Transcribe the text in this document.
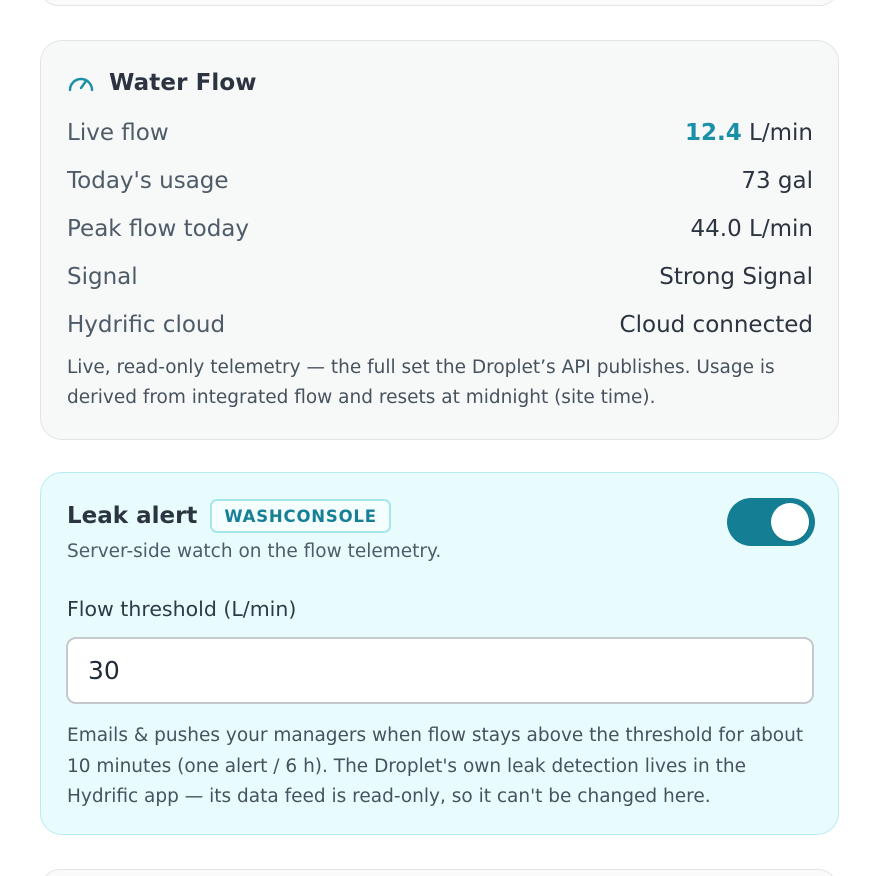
Water Flow
Live flow	12.4 L/min
Today's usage	73 gal
Peak flow today	44.0 L/min
Signal	Strong Signal
Hydrific cloud	Cloud connected

Live, read-only telemetry — the full set the Droplet’s API publishes. Usage is derived from integrated flow and resets at midnight (site time).

Leak alert	WASHCONSOLE
Server-side watch on the flow telemetry.
Flow threshold (L/min)
30

Emails & pushes your managers when flow stays above the threshold for about 10 minutes (one alert / 6 h). The Droplet's own leak detection lives in the Hydrific app — its data feed is read-only, so it can't be changed here.
